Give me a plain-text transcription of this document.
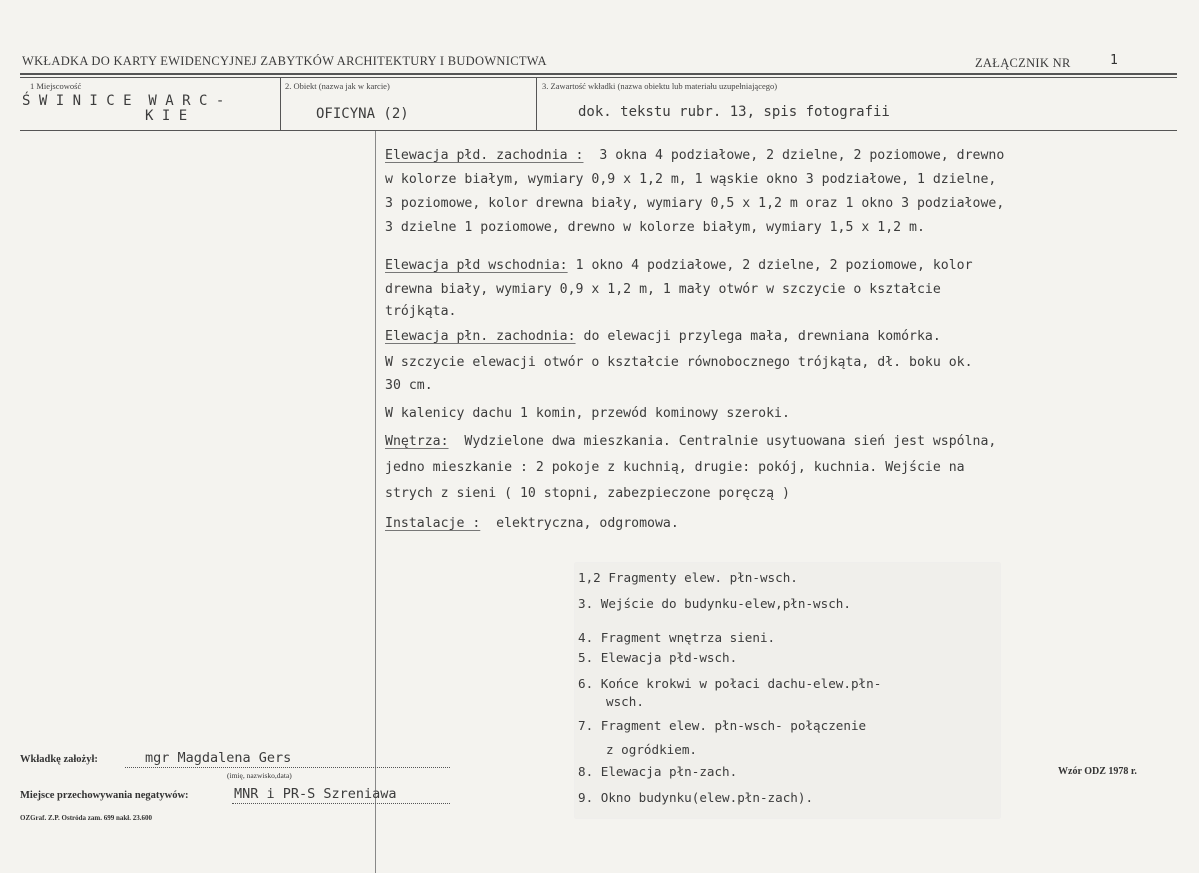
WKŁADKA DO KARTY EWIDENCYJNEJ ZABYTKÓW ARCHITEKTURY I BUDOWNICTWA	ZAŁĄCZNIK NR	1
1 Miejscowość
Ś W I N I C E  W A R C -
K I E
2. Obiekt (nazwa jak w karcie)
OFICYNA (2)
3. Zawartość wkładki (nazwa obiektu lub materiału uzupełniającego)
dok. tekstu rubr. 13, spis fotografii
Elewacja płd. zachodnia :  3 okna 4 podziałowe, 2 dzielne, 2 poziomowe, drewno
w kolorze białym, wymiary 0,9 x 1,2 m, 1 wąskie okno 3 podziałowe, 1 dzielne,
3 poziomowe, kolor drewna biały, wymiary 0,5 x 1,2 m oraz 1 okno 3 podziałowe,
3 dzielne 1 poziomowe, drewno w kolorze białym, wymiary 1,5 x 1,2 m.
Elewacja płd wschodnia: 1 okno 4 podziałowe, 2 dzielne, 2 poziomowe, kolor
drewna biały, wymiary 0,9 x 1,2 m, 1 mały otwór w szczycie o kształcie
trójkąta.
Elewacja płn. zachodnia: do elewacji przylega mała, drewniana komórka.
W szczycie elewacji otwór o kształcie równobocznego trójkąta, dł. boku ok.
30 cm.
W kalenicy dachu 1 komin, przewód kominowy szeroki.
Wnętrza:  Wydzielone dwa mieszkania. Centralnie usytuowana sień jest wspólna,
jedno mieszkanie : 2 pokoje z kuchnią, drugie: pokój, kuchnia. Wejście na
strych z sieni ( 10 stopni, zabezpieczone poręczą )
Instalacje :  elektryczna, odgromowa.
1,2 Fragmenty elew. płn-wsch.
3. Wejście do budynku-elew,płn-wsch.
4. Fragment wnętrza sieni.
5. Elewacja płd-wsch.
6. Końce krokwi w połaci dachu-elew.płn-
wsch.
7. Fragment elew. płn-wsch- połączenie
z ogródkiem.
8. Elewacja płn-zach.
9. Okno budynku(elew.płn-zach).
Wkładkę założył:	mgr Magdalena Gers
(imię, nazwisko,data)
Miejsce przechowywania negatywów:	MNR i PR-S Szreniawa
Wzór ODZ 1978 r.
OZGraf. Z.P. Ostróda zam. 699 nakł. 23.600
